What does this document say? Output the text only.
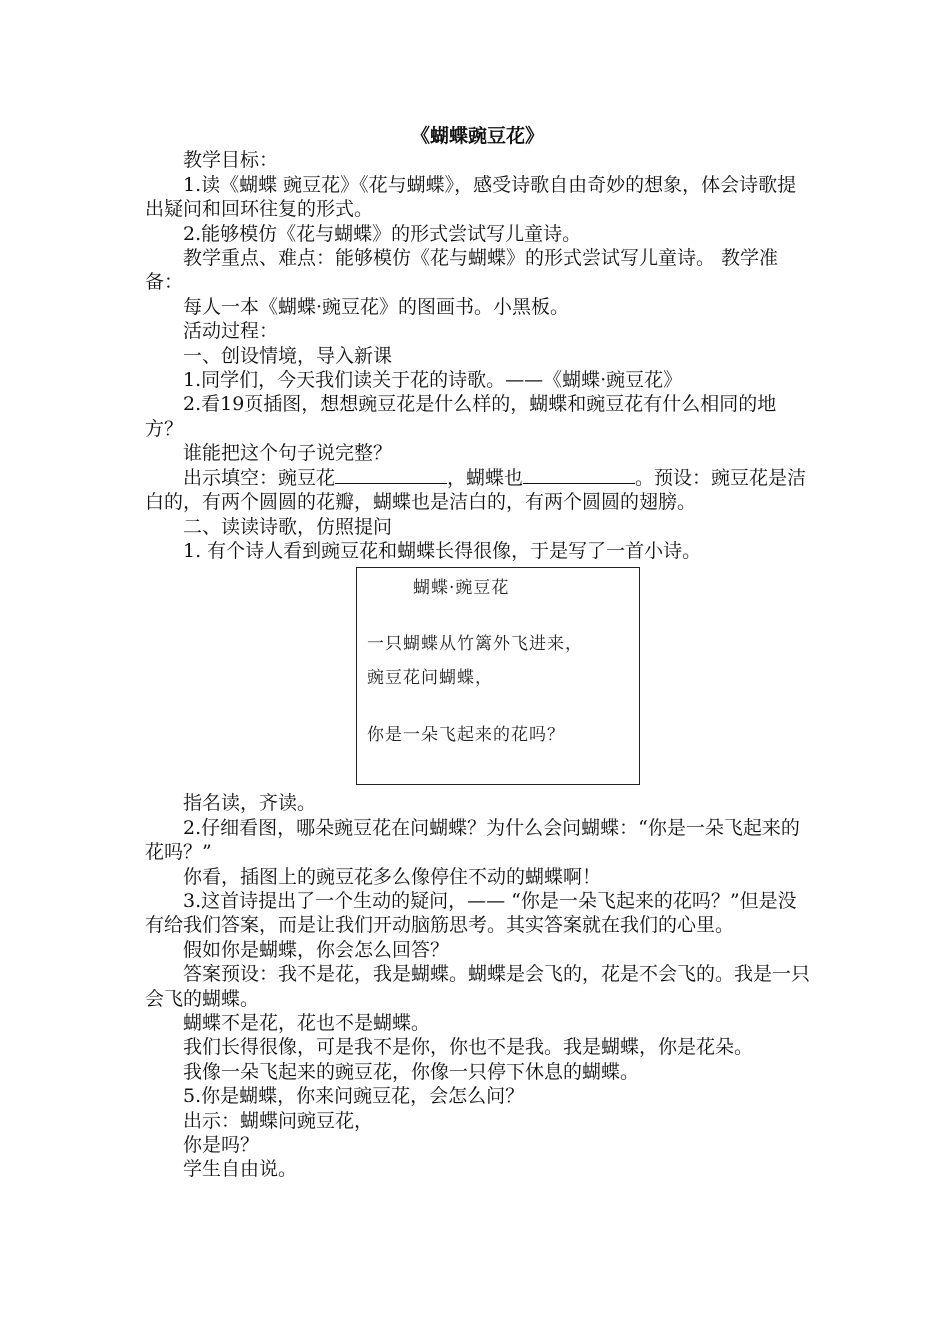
《蝴蝶豌豆花》

教学目标：

1.读《蝴蝶 豌豆花》《花与蝴蝶》，感受诗歌自由奇妙的想象，体会诗歌提出疑问和回环往复的形式。

2.能够模仿《花与蝴蝶》的形式尝试写儿童诗。

教学重点、难点：能够模仿《花与蝴蝶》的形式尝试写儿童诗。 教学准备：

每人一本《蝴蝶·豌豆花》的图画书。小黑板。

活动过程：

一、创设情境，导入新课

1.同学们，今天我们读关于花的诗歌。——《蝴蝶·豌豆花》

2.看19页插图，想想豌豆花是什么样的，蝴蝶和豌豆花有什么相同的地方？

谁能把这个句子说完整？

出示填空：豌豆花	，蝴蝶也	。预设：豌豆花是洁白的，有两个圆圆的花瓣，蝴蝶也是洁白的，有两个圆圆的翅膀。

二、读读诗歌，仿照提问

1. 有个诗人看到豌豆花和蝴蝶长得很像，于是写了一首小诗。

蝴蝶·豌豆花
一只蝴蝶从竹篱外飞进来，
豌豆花问蝴蝶，
你是一朵飞起来的花吗？

指名读，齐读。

2.仔细看图，哪朵豌豆花在问蝴蝶？为什么会问蝴蝶：“你是一朵飞起来的花吗？”

你看，插图上的豌豆花多么像停住不动的蝴蝶啊！

3.这首诗提出了一个生动的疑问，—— “你是一朵飞起来的花吗？”但是没有给我们答案，而是让我们开动脑筋思考。其实答案就在我们的心里。

假如你是蝴蝶，你会怎么回答？

答案预设：我不是花，我是蝴蝶。蝴蝶是会飞的，花是不会飞的。我是一只会飞的蝴蝶。

蝴蝶不是花，花也不是蝴蝶。

我们长得很像，可是我不是你，你也不是我。我是蝴蝶，你是花朵。

我像一朵飞起来的豌豆花，你像一只停下休息的蝴蝶。

5.你是蝴蝶，你来问豌豆花，会怎么问？

出示：蝴蝶问豌豆花，

你是吗？

学生自由说。
